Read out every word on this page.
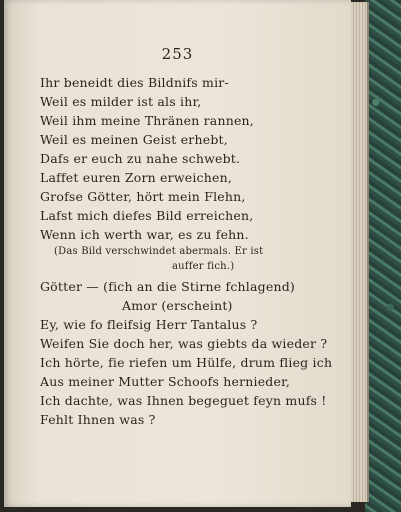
253
Ihr beneidt dies Bildnifs mir-
Weil es milder ist als ihr,
Weil ihm meine Thränen rannen,
Weil es meinen Geist erhebt,
Dafs er euch zu nahe schwebt.
Laffet euren Zorn erweichen,
Grofse Götter, hört mein Flehn,
Lafst mich diefes Bild erreichen,
Wenn ich werth war, es zu fehn.
(Das Bild verschwindet abermals. Er ist
auffer fich.)
Götter — (fich an die Stirne fchlagend)
Amor (erscheint)
Ey, wie fo fleifsig Herr Tantalus ?
Weifen Sie doch her, was giebts da wieder ?
Ich hörte, fie riefen um Hülfe, drum flieg ich
Aus meiner Mutter Schoofs hernieder,
Ich dachte, was Ihnen begeguet feyn mufs !
Fehlt Ihnen was ?
